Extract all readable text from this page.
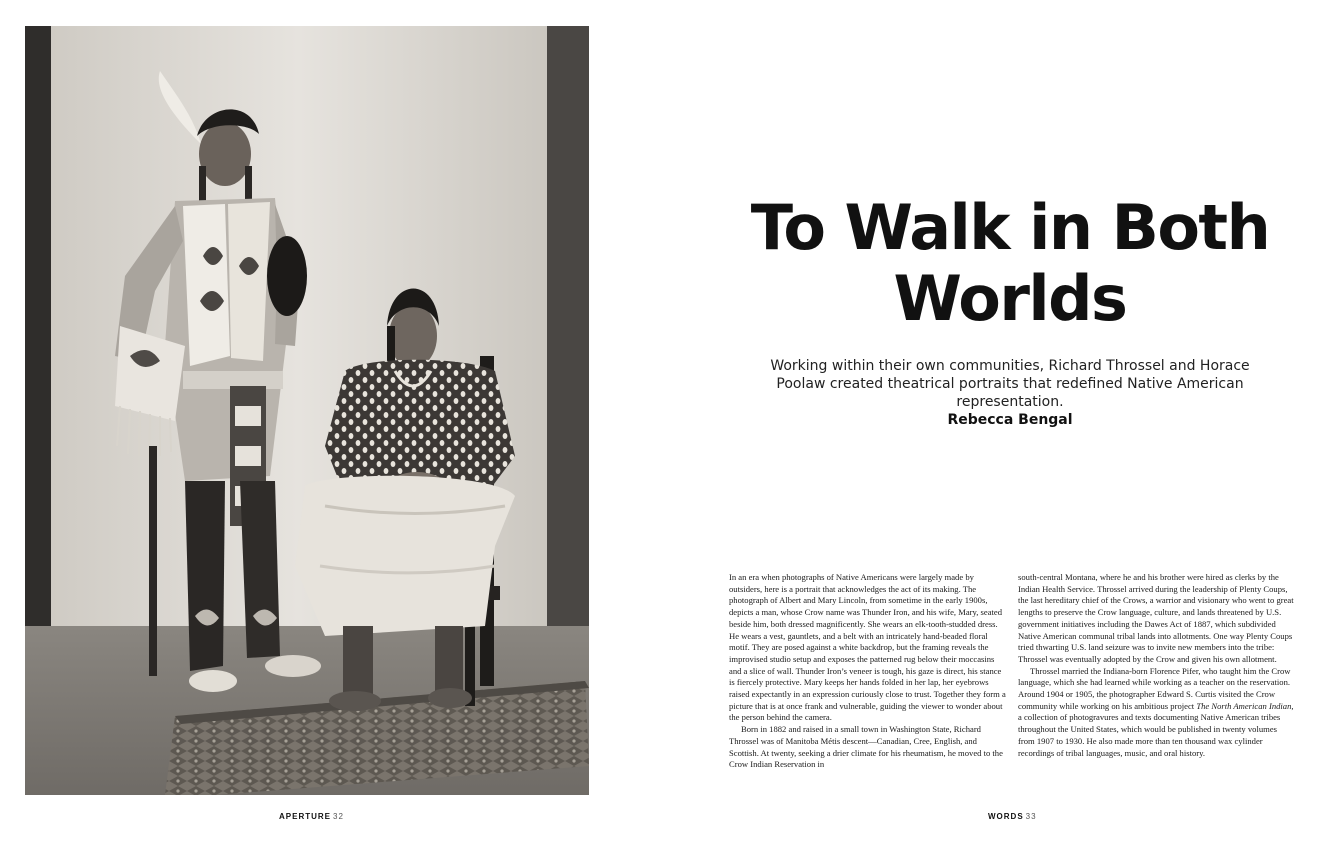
APERTURE 32
To Walk in Both Worlds

Working within their own communities, Richard Throssel and Horace Poolaw created theatrical portraits that redefined Native American representation.

Rebecca Bengal

In an era when photographs of Native Americans were largely made by outsiders, here is a portrait that acknowledges the act of its making. The photograph of Albert and Mary Lincoln, from sometime in the early 1900s, depicts a man, whose Crow name was Thunder Iron, and his wife, Mary, seated beside him, both dressed magnificently. She wears an elk-tooth-studded dress. He wears a vest, gauntlets, and a belt with an intricately hand-beaded floral motif. They are posed against a white backdrop, but the framing reveals the improvised studio setup and exposes the patterned rug below their moccasins and a slice of wall. Thunder Iron’s veneer is tough, his gaze is direct, his stance is fiercely protective. Mary keeps her hands folded in her lap, her eyebrows raised expectantly in an expression curiously close to trust. Together they form a picture that is at once frank and vulnerable, guiding the viewer to wonder about the person behind the camera.

Born in 1882 and raised in a small town in Washington State, Richard Throssel was of Manitoba Métis descent—Canadian, Cree, English, and Scottish. At twenty, seeking a drier climate for his rheumatism, he moved to the Crow Indian Reservation in

south-central Montana, where he and his brother were hired as clerks by the Indian Health Service. Throssel arrived during the leadership of Plenty Coups, the last hereditary chief of the Crows, a warrior and visionary who went to great lengths to preserve the Crow language, culture, and lands threatened by U.S. government initiatives including the Dawes Act of 1887, which subdivided Native American communal tribal lands into allotments. One way Plenty Coups tried thwarting U.S. land seizure was to invite new members into the tribe: Throssel was eventually adopted by the Crow and given his own allotment.

Throssel married the Indiana-born Florence Pifer, who taught him the Crow language, which she had learned while working as a teacher on the reservation. Around 1904 or 1905, the photographer Edward S. Curtis visited the Crow community while working on his ambitious project The North American Indian, a collection of photogravures and texts documenting Native American tribes throughout the United States, which would be published in twenty volumes from 1907 to 1930. He also made more than ten thousand wax cylinder recordings of tribal languages, music, and oral history.

WORDS 33
